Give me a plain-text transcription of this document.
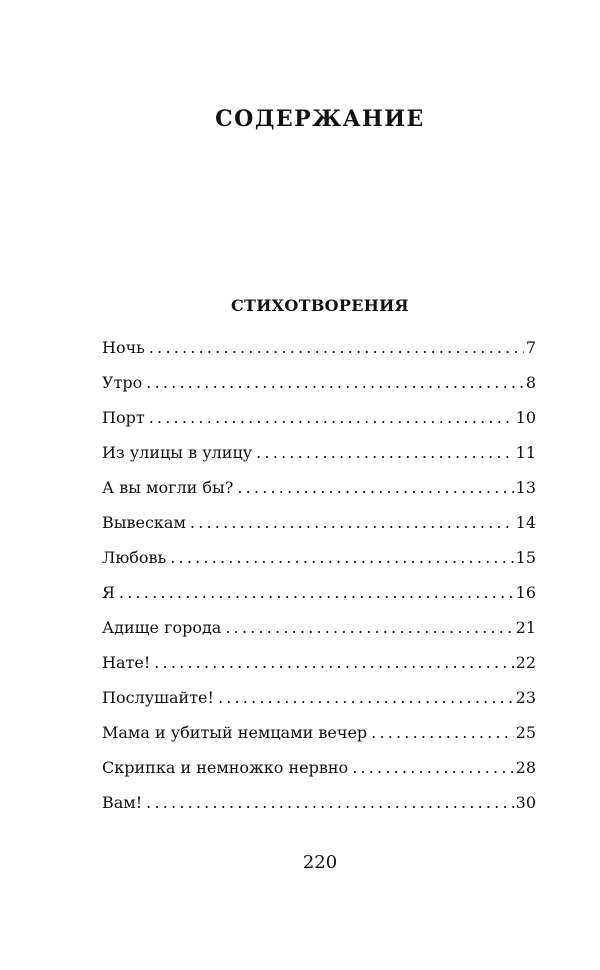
СОДЕРЖАНИЕ
СТИХОТВОРЕНИЯ
Ночь .....	7
Утро .....	8
Порт .....	10
Из улицы в улицу .....	11
А вы могли бы? .....	13
Вывескам .....	14
Любовь .....	15
Я .....	16
Адище города .....	21
Нате! .....	22
Послушайте! .....	23
Мама и убитый немцами вечер .....	25
Скрипка и немножко нервно .....	28
Вам! .....	30
220
